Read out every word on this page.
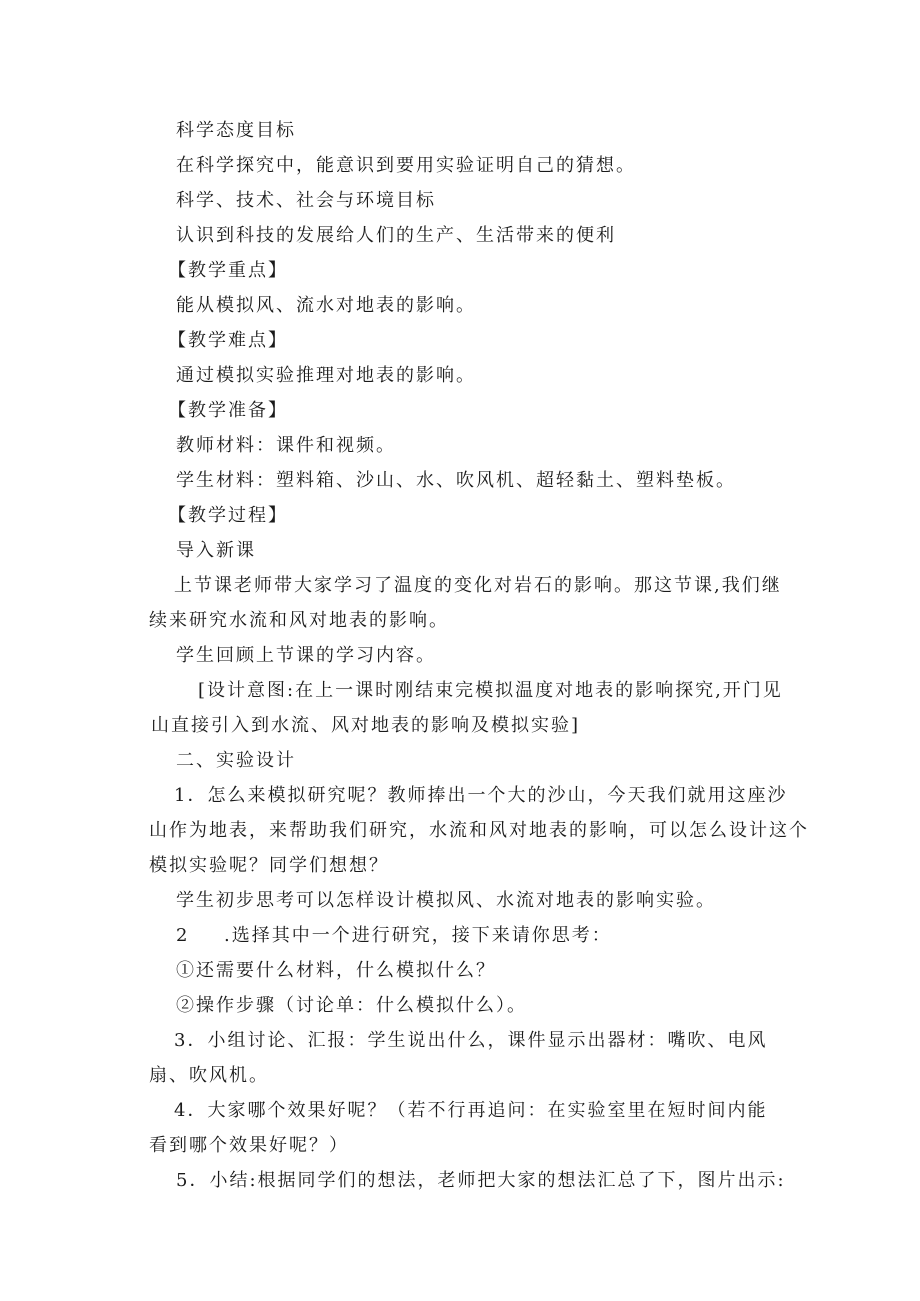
科学态度目标

在科学探究中，能意识到要用实验证明自己的猜想。

科学、技术、社会与环境目标

认识到科技的发展给人们的生产、生活带来的便利

【教学重点】

能从模拟风、流水对地表的影响。

【教学难点】

通过模拟实验推理对地表的影响。

【教学准备】

教师材料：课件和视频。

学生材料：塑料箱、沙山、水、吹风机、超轻黏土、塑料垫板。

【教学过程】

导入新课

上节课老师带大家学习了温度的变化对岩石的影响。那这节课,我们继
续来研究水流和风对地表的影响。

学生回顾上节课的学习内容。

[设计意图:在上一课时刚结束完模拟温度对地表的影响探究,开门见
山直接引入到水流、风对地表的影响及模拟实验]

二、实验设计

1．怎么来模拟研究呢？教师捧出一个大的沙山，今天我们就用这座沙
山作为地表，来帮助我们研究，水流和风对地表的影响，可以怎么设计这个
模拟实验呢？同学们想想？

学生初步思考可以怎样设计模拟风、水流对地表的影响实验。

2 .选择其中一个进行研究，接下来请你思考：

①还需要什么材料，什么模拟什么？

②操作步骤（讨论单：什么模拟什么）。

3．小组讨论、汇报：学生说出什么，课件显示出器材：嘴吹、电风
扇、吹风机。
4．大家哪个效果好呢？（若不行再追问：在实验室里在短时间内能
看到哪个效果好呢？）

5．小结:根据同学们的想法，老师把大家的想法汇总了下，图片出示:
